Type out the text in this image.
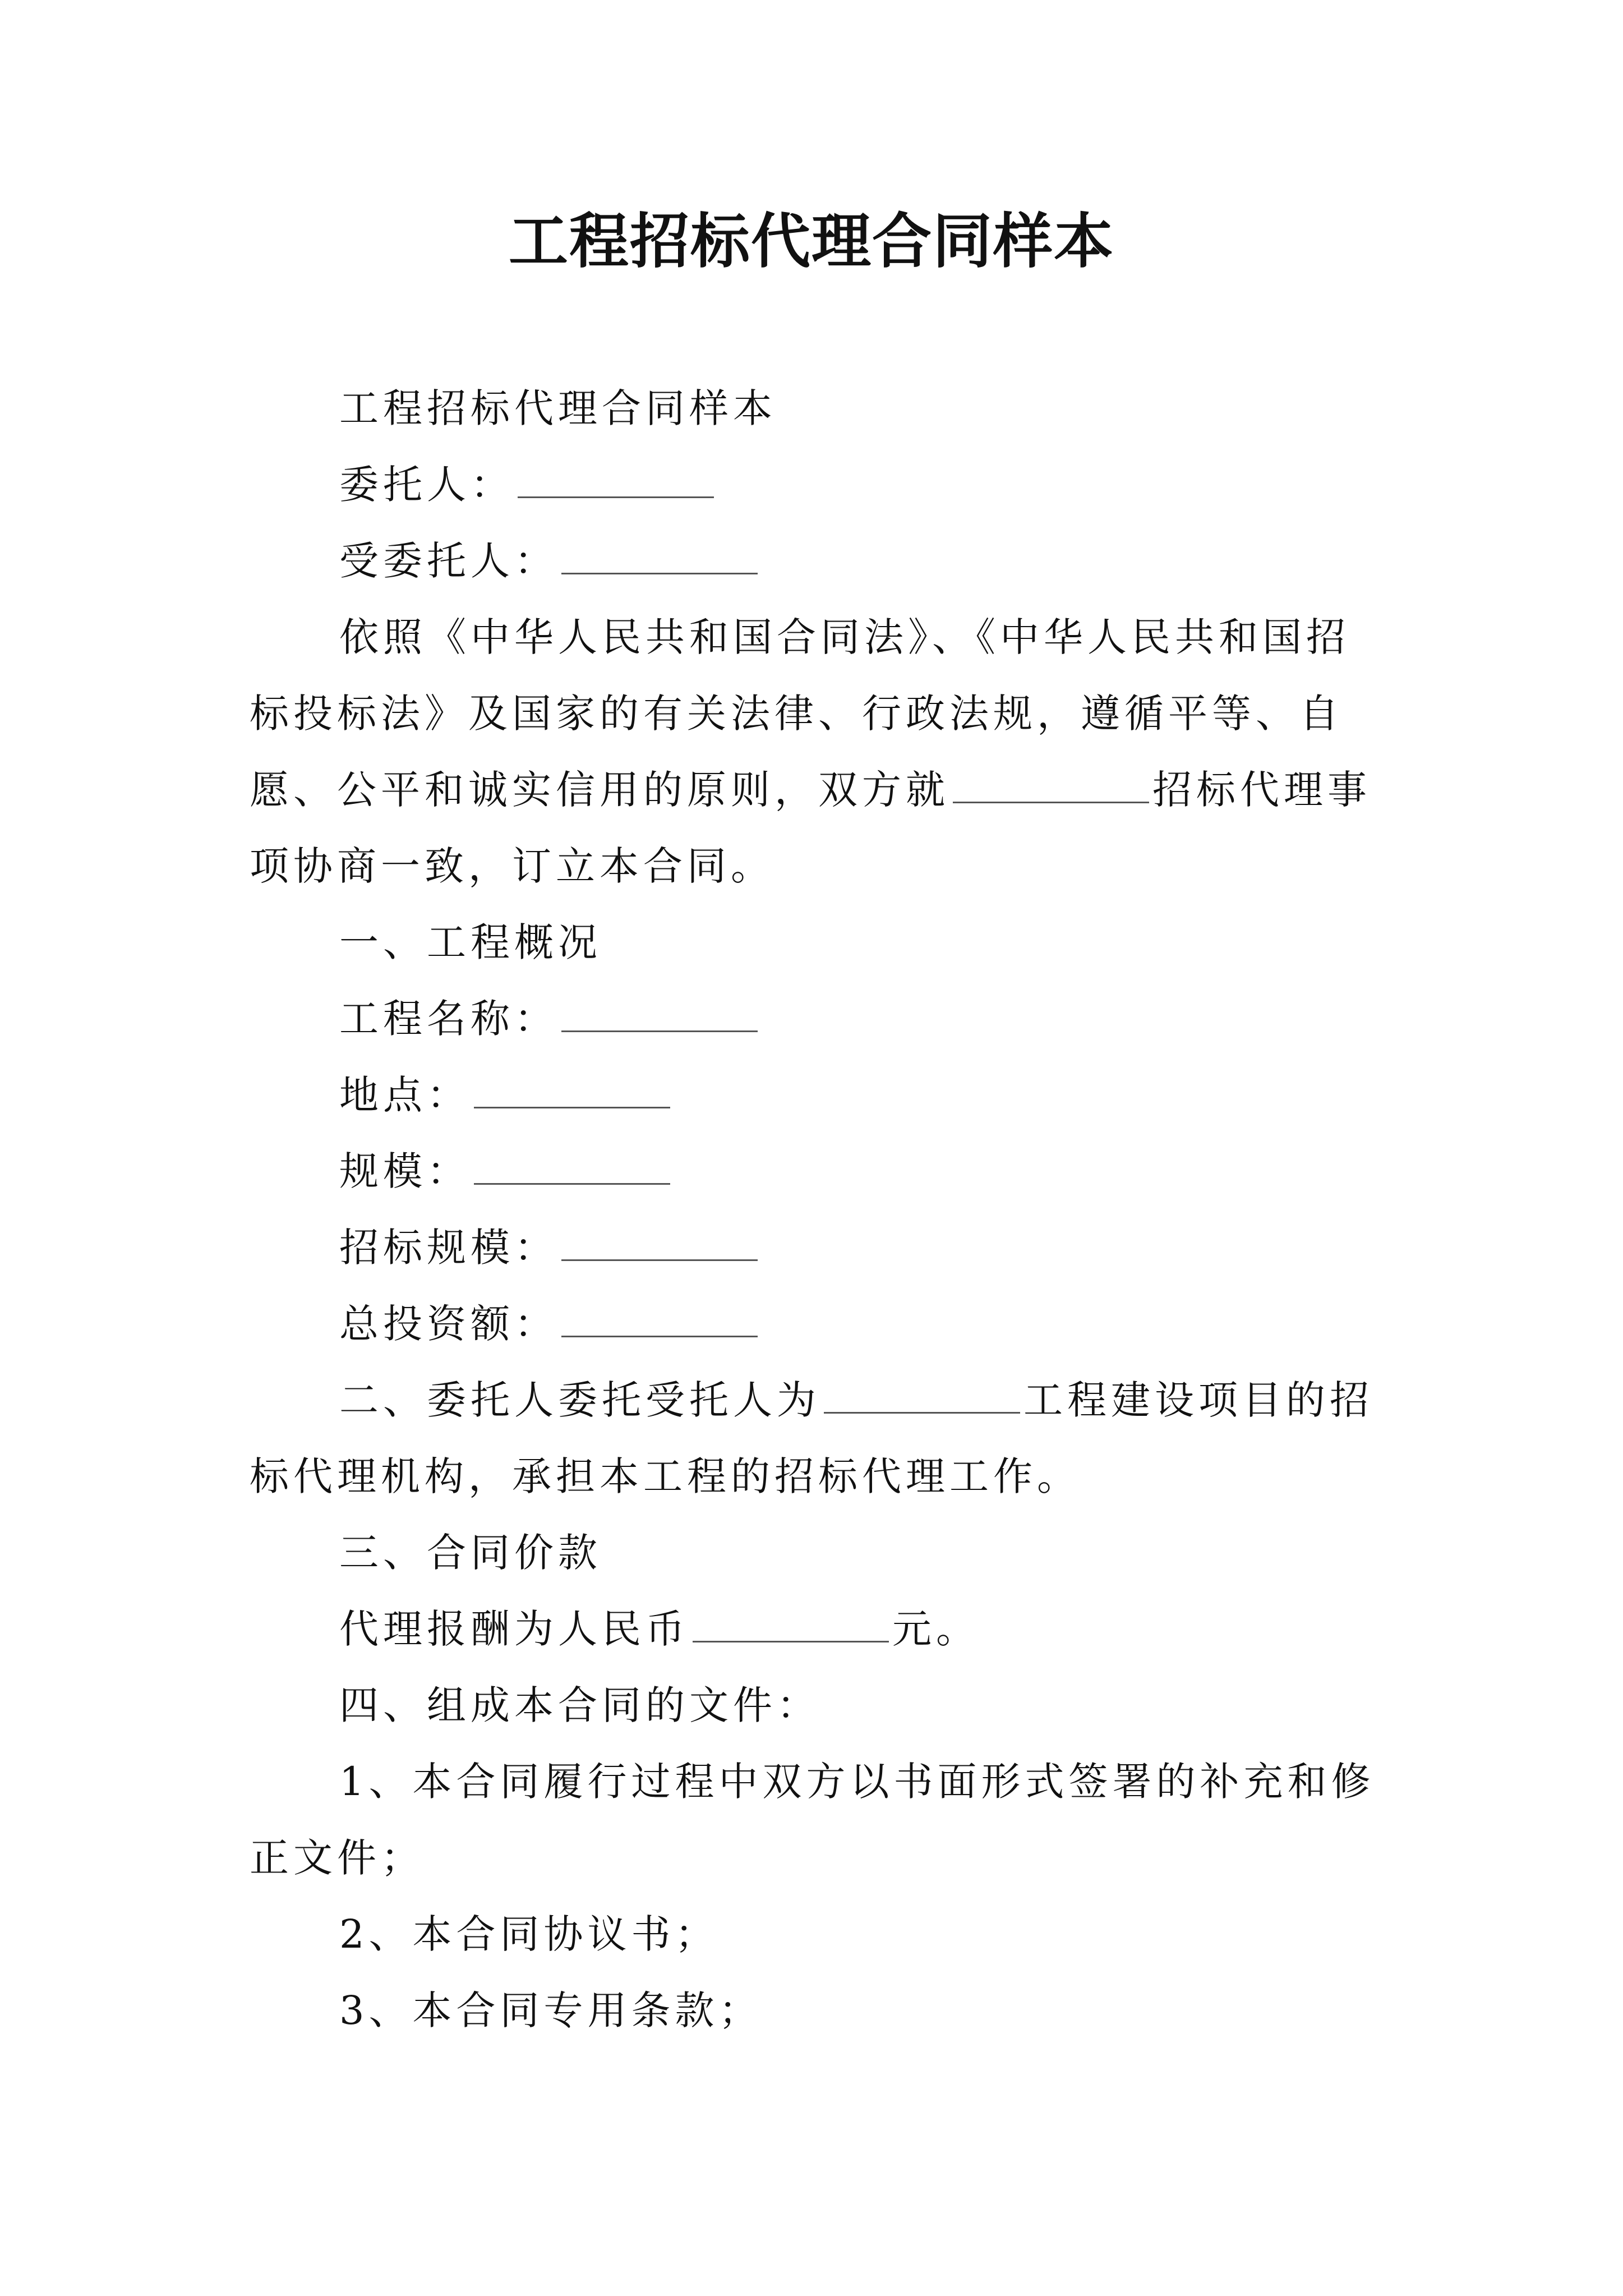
工程招标代理合同样本

工程招标代理合同样本

委托人：

受委托人：

依照《中华人民共和国合同法》、《中华人民共和国招标投标法》及国家的有关法律、行政法规，遵循平等、自愿、公平和诚实信用的原则，双方就	招标代理事项协商一致，订立本合同。

一、工程概况

工程名称：

地点：

规模：

招标规模：

总投资额：

二、委托人委托受托人为	工程建设项目的招标代理机构，承担本工程的招标代理工作。

三、合同价款

代理报酬为人民币	元。

四、组成本合同的文件：

1、本合同履行过程中双方以书面形式签署的补充和修正文件；

2、本合同协议书；

3、本合同专用条款；
